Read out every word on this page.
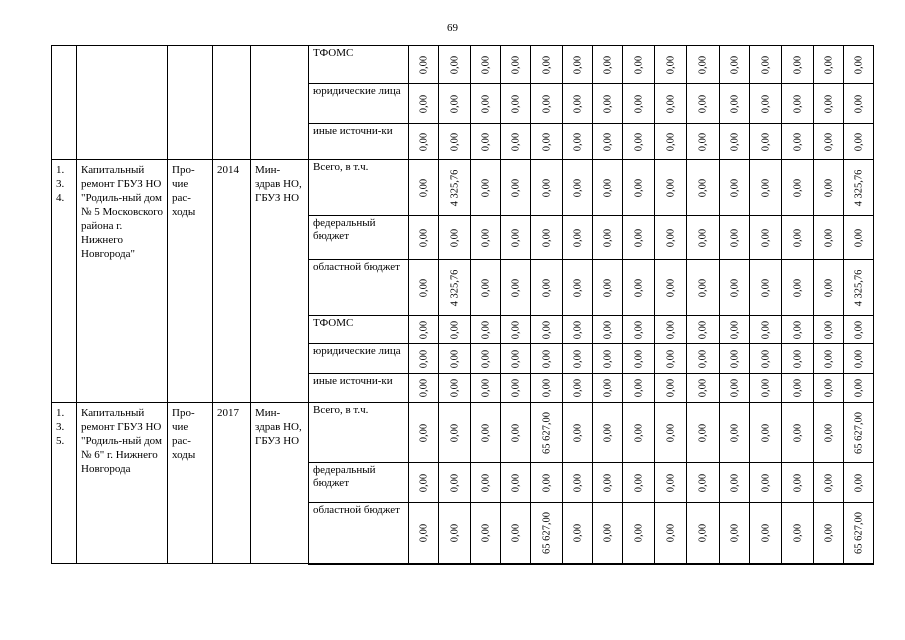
69

					ТФОМС	0,00	0,00	0,00	0,00	0,00	0,00	0,00	0,00	0,00	0,00	0,00	0,00	0,00	0,00	0,00

					юридические лица	0,00	0,00	0,00	0,00	0,00	0,00	0,00	0,00	0,00	0,00	0,00	0,00	0,00	0,00	0,00

					иные источни-ки	0,00	0,00	0,00	0,00	0,00	0,00	0,00	0,00	0,00	0,00	0,00	0,00	0,00	0,00	0,00

1.
3.
4.	Капитальный ремонт ГБУЗ НО "Родиль-ный дом № 5 Московского района г. Нижнего Новгорода"	Про-чие рас-ходы	2014	Мин-здрав НО, ГБУЗ НО	Всего, в т.ч.	0,00	4 325,76	0,00	0,00	0,00	0,00	0,00	0,00	0,00	0,00	0,00	0,00	0,00	0,00	4 325,76

					федеральный бюджет	0,00	0,00	0,00	0,00	0,00	0,00	0,00	0,00	0,00	0,00	0,00	0,00	0,00	0,00	0,00

					областной бюджет	0,00	4 325,76	0,00	0,00	0,00	0,00	0,00	0,00	0,00	0,00	0,00	0,00	0,00	0,00	4 325,76

					ТФОМС	0,00	0,00	0,00	0,00	0,00	0,00	0,00	0,00	0,00	0,00	0,00	0,00	0,00	0,00	0,00

					юридические лица	0,00	0,00	0,00	0,00	0,00	0,00	0,00	0,00	0,00	0,00	0,00	0,00	0,00	0,00	0,00

					иные источни-ки	0,00	0,00	0,00	0,00	0,00	0,00	0,00	0,00	0,00	0,00	0,00	0,00	0,00	0,00	0,00

1.
3.
5.	Капитальный ремонт ГБУЗ НО "Родиль-ный дом № 6" г. Нижнего Новгорода	Про-чие рас-ходы	2017	Мин-здрав НО, ГБУЗ НО	Всего, в т.ч.	0,00	0,00	0,00	0,00	65 627,00	0,00	0,00	0,00	0,00	0,00	0,00	0,00	0,00	0,00	65 627,00

					федеральный бюджет	0,00	0,00	0,00	0,00	0,00	0,00	0,00	0,00	0,00	0,00	0,00	0,00	0,00	0,00	0,00

					областной бюджет	0,00	0,00	0,00	0,00	65 627,00	0,00	0,00	0,00	0,00	0,00	0,00	0,00	0,00	0,00	65 627,00
